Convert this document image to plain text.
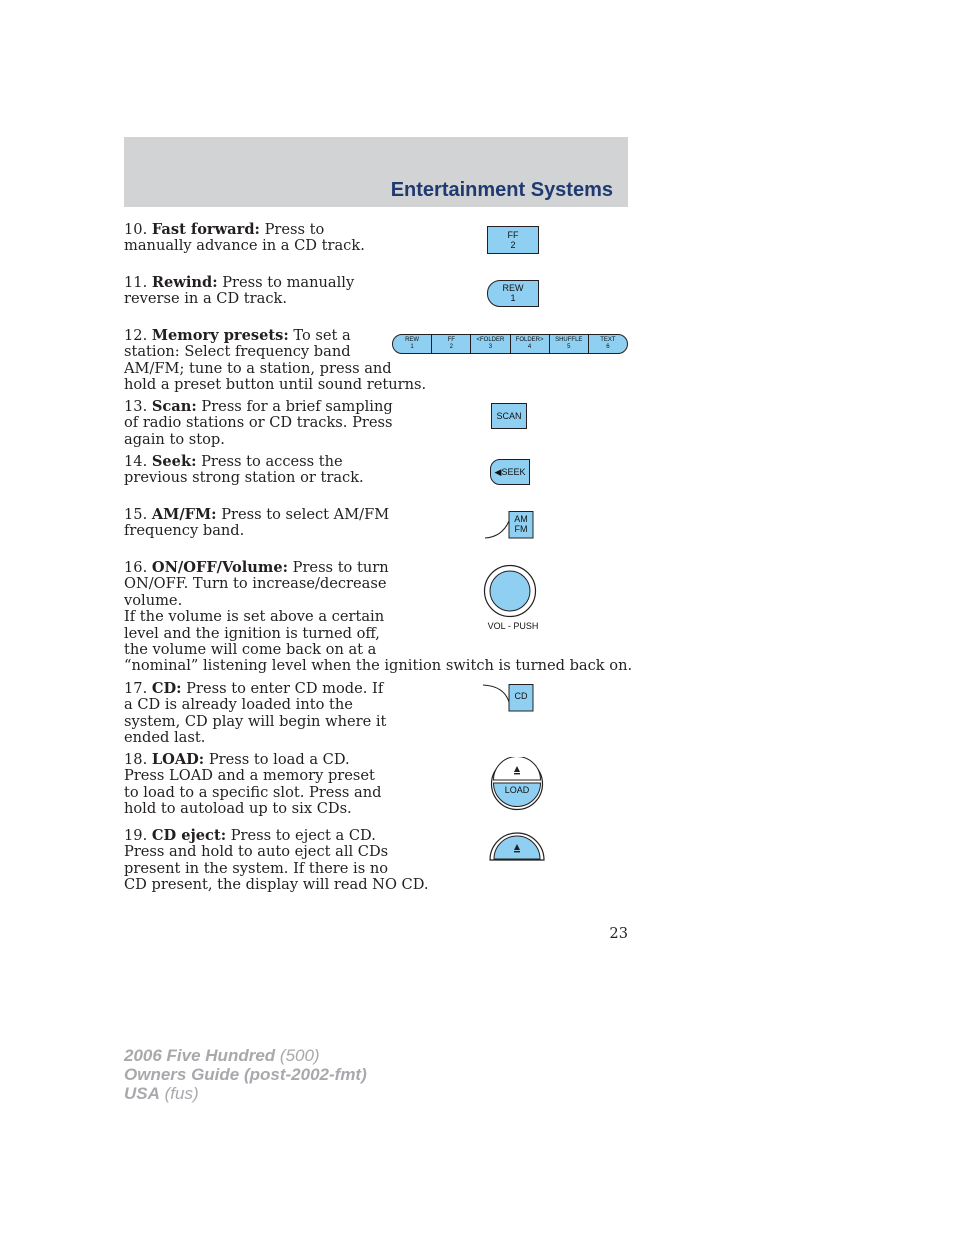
Entertainment Systems
10. Fast forward: Press to
manually advance in a CD track.
11. Rewind: Press to manually
reverse in a CD track.
12. Memory presets: To set a
station: Select frequency band
AM/FM; tune to a station, press and
hold a preset button until sound returns.
13. Scan: Press for a brief sampling
of radio stations or CD tracks. Press
again to stop.
14. Seek: Press to access the
previous strong station or track.
15. AM/FM: Press to select AM/FM
frequency band.
16. ON/OFF/Volume: Press to turn
ON/OFF. Turn to increase/decrease
volume.
If the volume is set above a certain
level and the ignition is turned off,
the volume will come back on at a
“nominal” listening level when the ignition switch is turned back on.
17. CD: Press to enter CD mode. If
a CD is already loaded into the
system, CD play will begin where it
ended last.
18. LOAD: Press to load a CD.
Press LOAD and a memory preset
to load to a specific slot. Press and
hold to autoload up to six CDs.
19. CD eject: Press to eject a CD.
Press and hold to auto eject all CDs
present in the system. If there is no
CD present, the display will read NO CD.
FF
2
REW
1
REW
1
FF
2
<FOLDER
3
FOLDER>
4
SHUFFLE
5
TEXT
6
SCAN
◀SEEK
AM
FM
VOL - PUSH
CD
LOAD
23
2006 Five Hundred (500)
Owners Guide (post-2002-fmt)
USA (fus)
